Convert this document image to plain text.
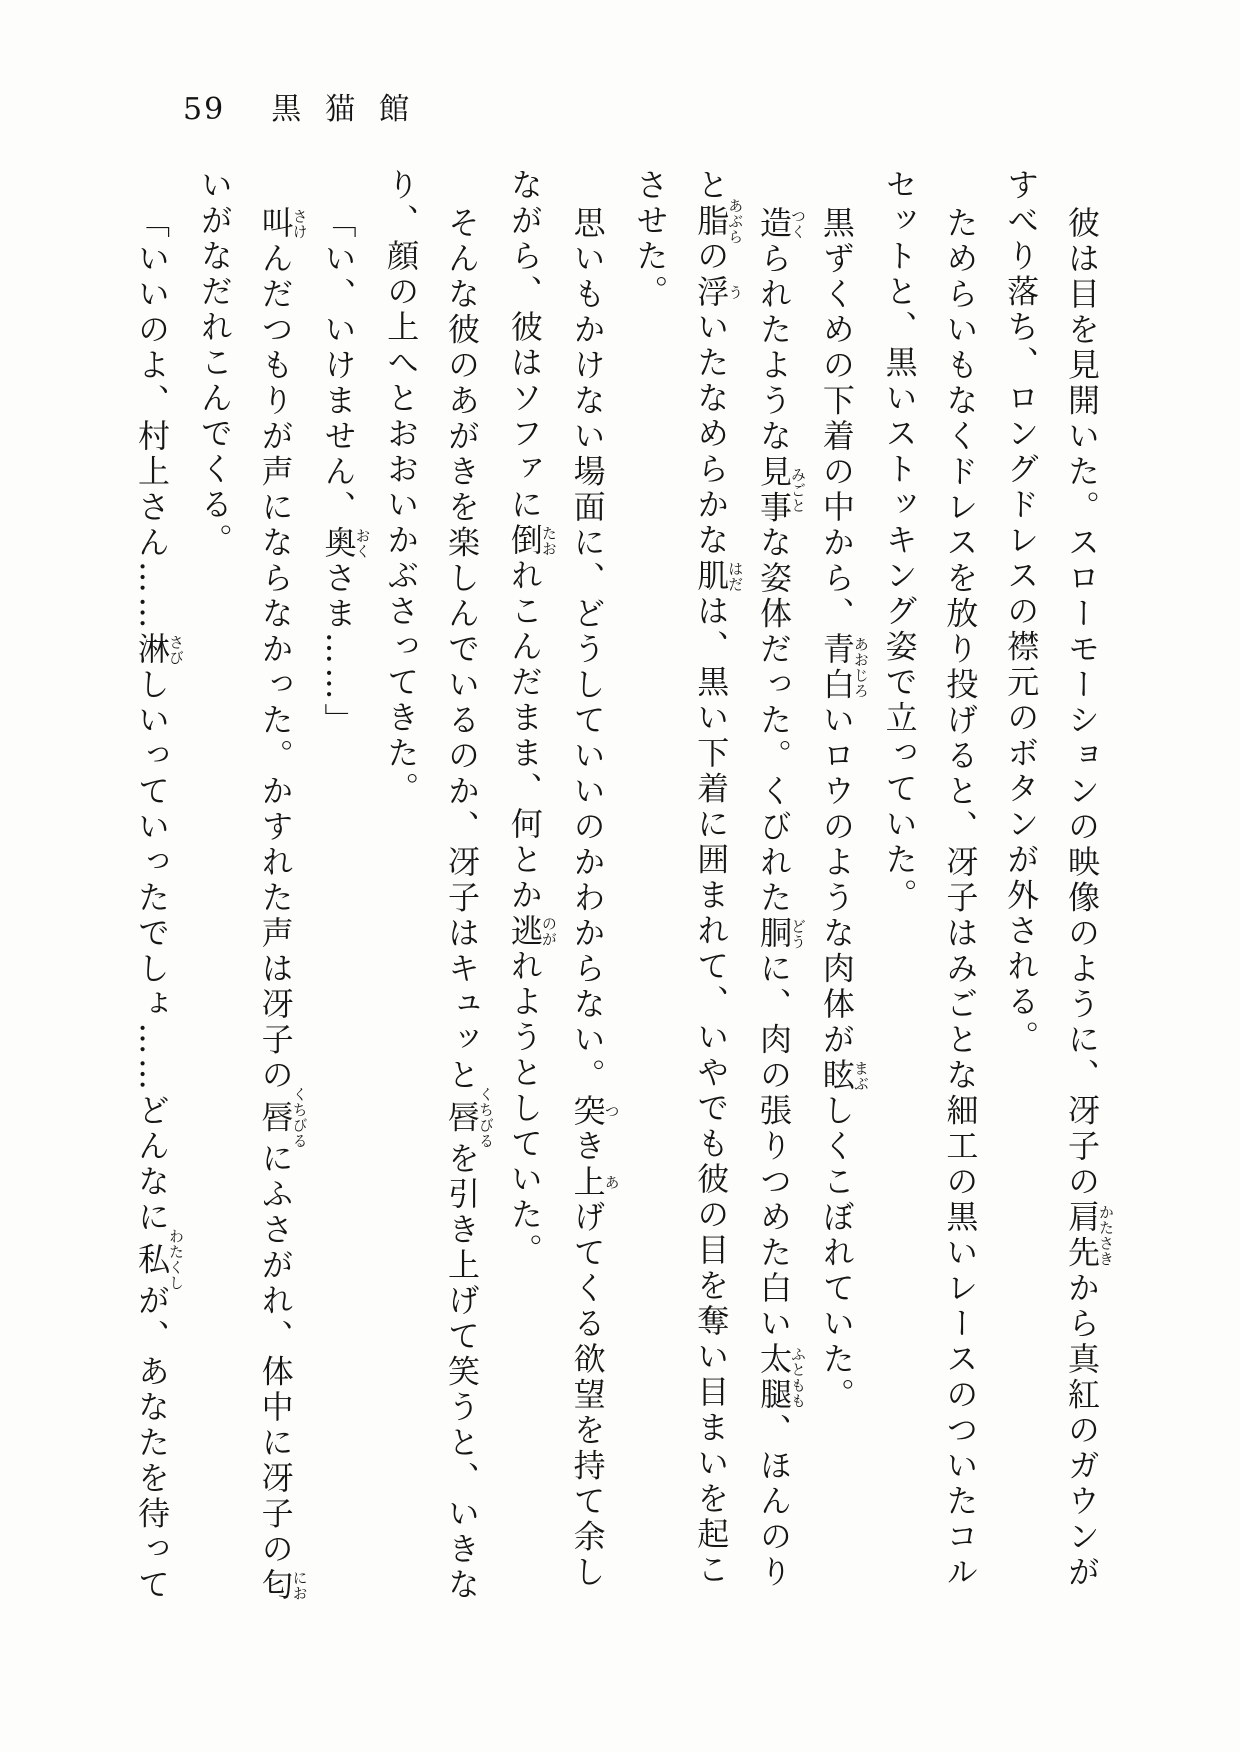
59 黒猫館
彼は目を見開いた。スローモーションの映像のように、冴子の肩先かたさきから真紅のガウンが
すべり落ち、ロングドレスの襟元のボタンが外される。
ためらいもなくドレスを放り投げると、冴子はみごとな細工の黒いレースのついたコル
セットと、黒いストッキング姿で立っていた。
黒ずくめの下着の中から、青白あおじろいロウのような肉体が眩まぶしくこぼれていた。
造つくられたような見事みごとな姿体だった。くびれた胴どうに、肉の張りつめた白い太腿ふともも、ほんのり
と脂あぶらの浮ういたなめらかな肌はだは、黒い下着に囲まれて、いやでも彼の目を奪い目まいを起こ
させた。
思いもかけない場面に、どうしていいのかわからない。突つき上あげてくる欲望を持て余し
ながら、彼はソファに倒たおれこんだまま、何とか逃のがれようとしていた。
そんな彼のあがきを楽しんでいるのか、冴子はキュッと唇くちびるを引き上げて笑うと、いきな
り、顔の上へとおおいかぶさってきた。
「い、いけません、奥おくさま……」
叫さけんだつもりが声にならなかった。かすれた声は冴子の唇くちびるにふさがれ、体中に冴子の匂にお
いがなだれこんでくる。
「いいのよ、村上さん……淋さびしいっていったでしょ……どんなに私わたくしが、あなたを待って
